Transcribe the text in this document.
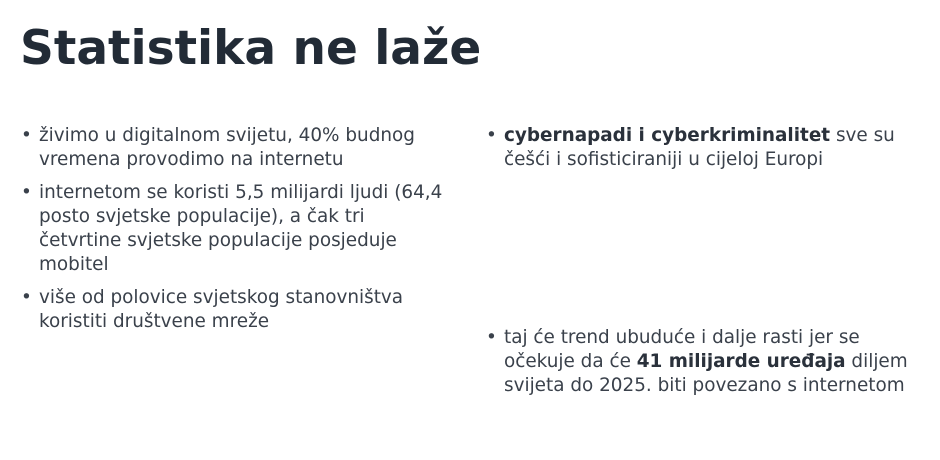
Statistika ne laže
• živimo u digitalnom svijetu, 40% budnog vremena provodimo na internetu
• internetom se koristi 5,5 milijardi ljudi (64,4 posto svjetske populacije), a čak tri četvrtine svjetske populacije posjeduje mobitel
• više od polovice svjetskog stanovništva koristiti društvene mreže
• cybernapadi i cyberkriminalitet sve su češći i sofisticiraniji u cijeloj Europi
• taj će trend ubuduće i dalje rasti jer se očekuje da će 41 milijarde uređaja diljem svijeta do 2025. biti povezano s internetom
